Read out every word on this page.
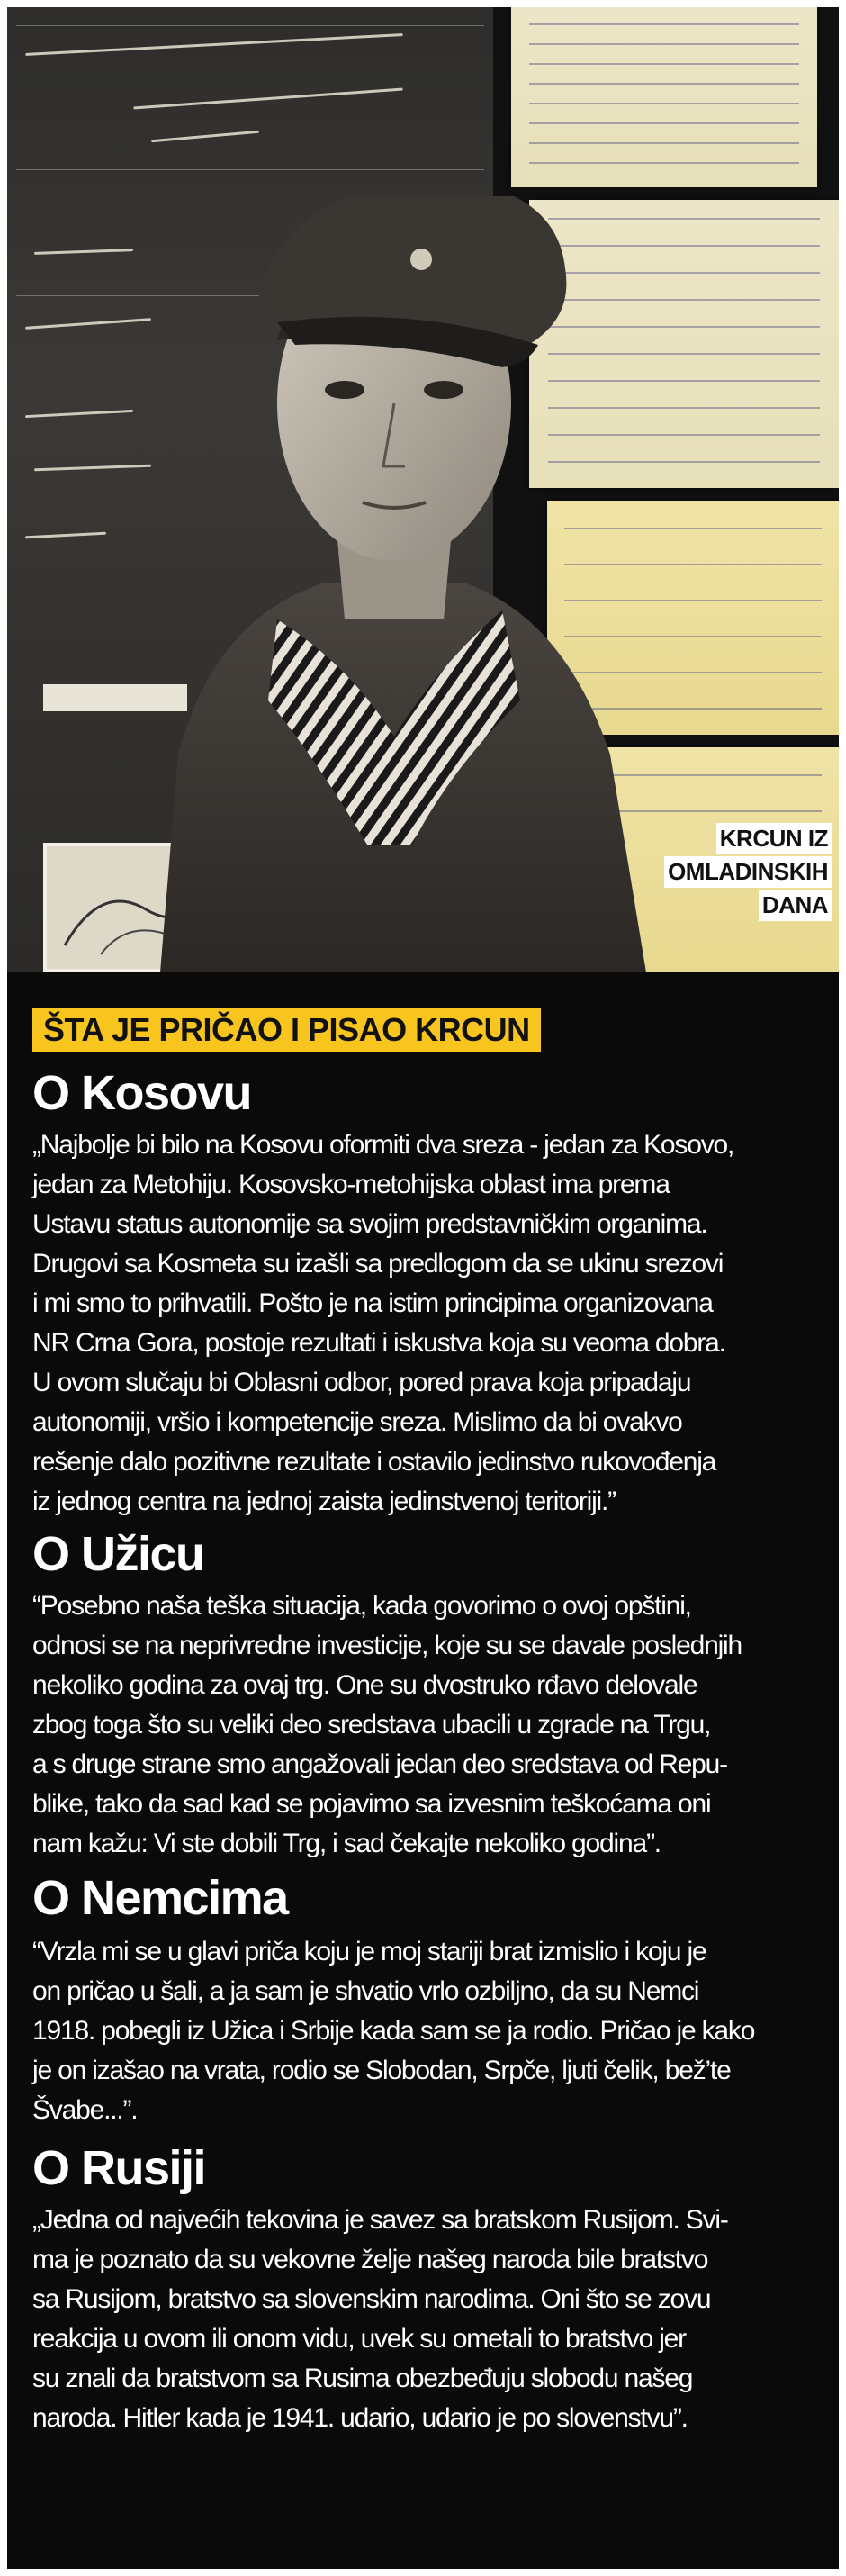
KRCUN IZ
OMLADINSKIH
DANA
ŠTA JE PRIČAO I PISAO KRCUN
O Kosovu

„Najbolje bi bilo na Kosovu oformiti dva sreza - jedan za Kosovo,
jedan za Metohiju. Kosovsko-metohijska oblast ima prema
Ustavu status autonomije sa svojim predstavničkim organima.
Drugovi sa Kosmeta su izašli sa predlogom da se ukinu srezovi
i mi smo to prihvatili. Pošto je na istim principima organizovana
NR Crna Gora, postoje rezultati i iskustva koja su veoma dobra.
U ovom slučaju bi Oblasni odbor, pored prava koja pripadaju
autonomiji, vršio i kompetencije sreza. Mislimo da bi ovakvo
rešenje dalo pozitivne rezultate i ostavilo jedinstvo rukovođenja
iz jednog centra na jednoj zaista jedinstvenoj teritoriji.”

O Užicu

“Posebno naša teška situacija, kada govorimo o ovoj opštini,
odnosi se na neprivredne investicije, koje su se davale poslednjih
nekoliko godina za ovaj trg. One su dvostruko rđavo delovale
zbog toga što su veliki deo sredstava ubacili u zgrade na Trgu,
a s druge strane smo angažovali jedan deo sredstava od Repu-
blike, tako da sad kad se pojavimo sa izvesnim teškoćama oni
nam kažu: Vi ste dobili Trg, i sad čekajte nekoliko godina”.

O Nemcima

“Vrzla mi se u glavi priča koju je moj stariji brat izmislio i koju je
on pričao u šali, a ja sam je shvatio vrlo ozbiljno, da su Nemci
1918. pobegli iz Užica i Srbije kada sam se ja rodio. Pričao je kako
je on izašao na vrata, rodio se Slobodan, Srpče, ljuti čelik, bež’te
Švabe...”.

O Rusiji

„Jedna od najvećih tekovina je savez sa bratskom Rusijom. Svi-
ma je poznato da su vekovne želje našeg naroda bile bratstvo
sa Rusijom, bratstvo sa slovenskim narodima. Oni što se zovu
reakcija u ovom ili onom vidu, uvek su ometali to bratstvo jer
su znali da bratstvom sa Rusima obezbeđuju slobodu našeg
naroda. Hitler kada je 1941. udario, udario je po slovenstvu”.
